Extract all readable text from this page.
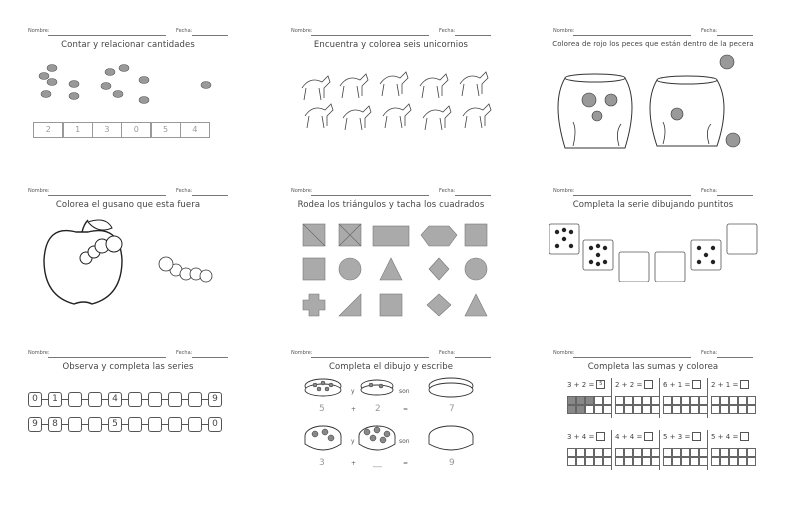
Nombre:	Fecha:
Contar y relacionar cantidades
2	1	3	0	5	4
Nombre:	Fecha:
Encuentra y colorea seis unicornios
Nombre:	Fecha:
Colorea de rojo los peces que están dentro de la pecera
Nombre:	Fecha:
Colorea el gusano que esta fuera
Nombre:	Fecha:
Rodea los triángulos y tacha los cuadrados
Nombre:	Fecha:
Completa la serie dibujando puntitos
Nombre:	Fecha:
Observa y completa las series
0	1	4	9
9	8	5	0
Nombre:	Fecha:
Completa el dibujo y escribe
5
y
+ 2
son
=	7
y	son
3	+ __	=	9
Nombre:	Fecha:
Completa las sumas y colorea
3 + 2 = 5	2 + 2 =	6 + 1 =	2 + 1 =
3 + 4 =	4 + 4 =	5 + 3 =	5 + 4 =
